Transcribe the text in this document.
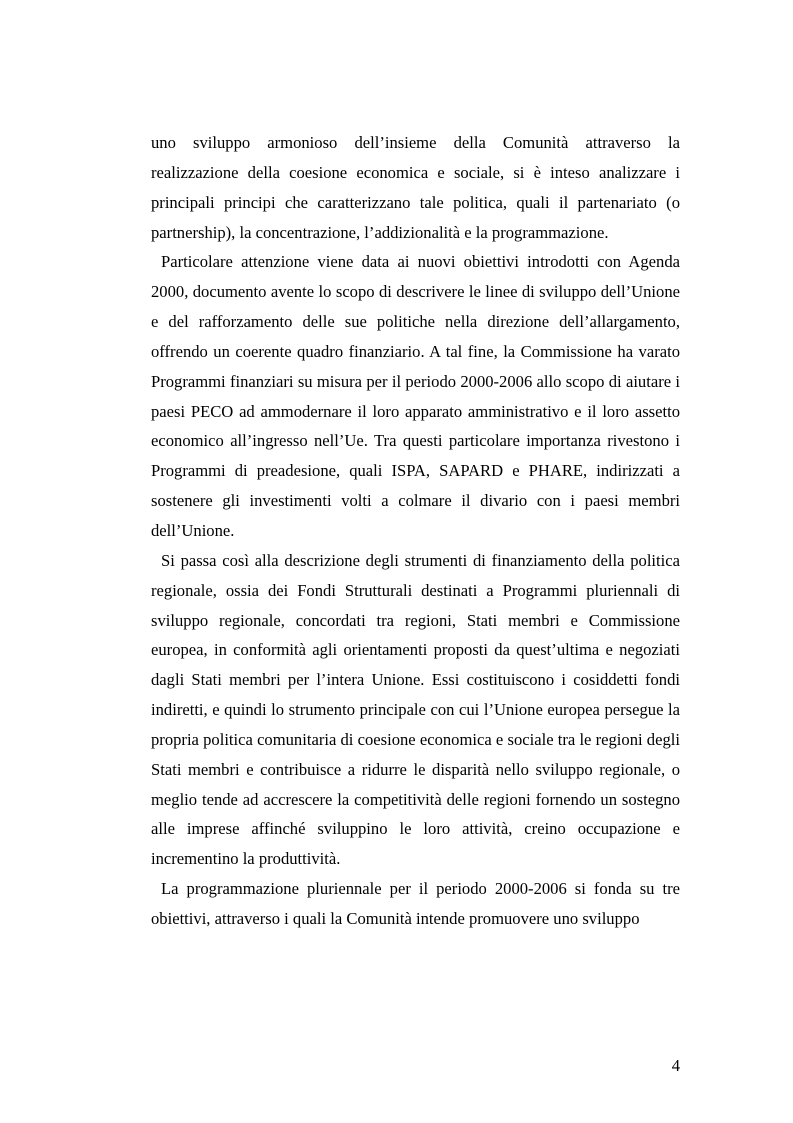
uno sviluppo armonioso dell’insieme della Comunità attraverso la realizzazione della coesione economica e sociale, si è inteso analizzare i principali principi che caratterizzano tale politica, quali il partenariato (o partnership), la concentrazione, l’addizionalità e la programmazione.

Particolare attenzione viene data ai nuovi obiettivi introdotti con Agenda 2000, documento avente lo scopo di descrivere le linee di sviluppo dell’Unione e del rafforzamento delle sue politiche nella direzione dell’allargamento, offrendo un coerente quadro finanziario. A tal fine, la Commissione ha varato Programmi finanziari su misura per il periodo 2000-2006 allo scopo di aiutare i paesi PECO ad ammodernare il loro apparato amministrativo e il loro assetto economico all’ingresso nell’Ue. Tra questi particolare importanza rivestono i Programmi di preadesione, quali ISPA, SAPARD e PHARE, indirizzati a sostenere gli investimenti volti a colmare il divario con i paesi membri dell’Unione.

Si passa così alla descrizione degli strumenti di finanziamento della politica regionale, ossia dei Fondi Strutturali destinati a Programmi pluriennali di sviluppo regionale, concordati tra regioni, Stati membri e Commissione europea, in conformità agli orientamenti proposti da quest’ultima e negoziati dagli Stati membri per l’intera Unione. Essi costituiscono i cosiddetti fondi indiretti, e quindi lo strumento principale con cui l’Unione europea persegue la propria politica comunitaria di coesione economica e sociale tra le regioni degli Stati membri e contribuisce a ridurre le disparità nello sviluppo regionale, o meglio tende ad accrescere la competitività delle regioni fornendo un sostegno alle imprese affinché sviluppino le loro attività, creino occupazione e incrementino la produttività.

La programmazione pluriennale per il periodo 2000-2006 si fonda su tre obiettivi, attraverso i quali la Comunità intende promuovere uno sviluppo

4
